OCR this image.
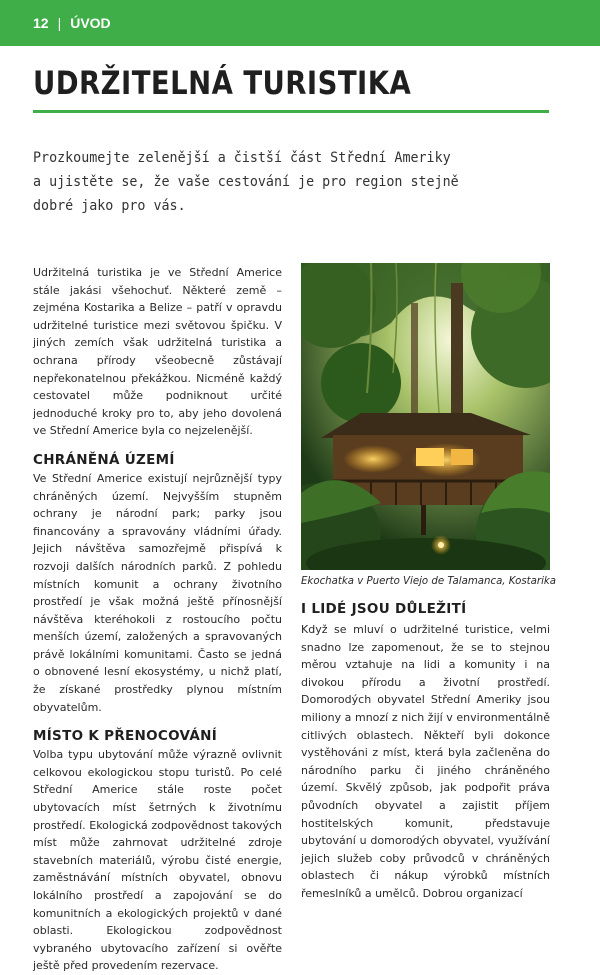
12 | ÚVOD
UDRŽITELNÁ TURISTIKA
Prozkoumejte zelenější a čistší část Střední Ameriky a ujistěte se, že vaše cestování je pro region stejně dobré jako pro vás.

Udržitelná turistika je ve Střední Americe stále jakási všehochuť. Některé země – zejména Kostarika a Belize – patří v opravdu udržitelné turistice mezi světovou špičku. V jiných zemích však udržitelná turistika a ochrana přírody všeobecně zůstávají nepřekonatelnou překážkou. Nicméně každý cestovatel může podniknout určité jednoduché kroky pro to, aby jeho dovolená ve Střední Americe byla co nejzelenější.

CHRÁNĚNÁ ÚZEMÍ

Ve Střední Americe existují nejrůznější typy chráněných území. Nejvyšším stupněm ochrany je národní park; parky jsou financovány a spravovány vládními úřady. Jejich návštěva samozřejmě přispívá k rozvoji dalších národních parků. Z pohledu místních komunit a ochrany životního prostředí je však možná ještě přínosnější návštěva kteréhokoli z rostoucího počtu menších území, založených a spravovaných právě lokálními komunitami. Často se jedná o obnovené lesní ekosystémy, u nichž platí, že získané prostředky plynou místním obyvatelům.

MÍSTO K PŘENOCOVÁNÍ

Volba typu ubytování může výrazně ovlivnit celkovou ekologickou stopu turistů. Po celé Střední Americe stále roste počet ubytovacích míst šetrných k životnímu prostředí. Ekologická zodpovědnost takových míst může zahrnovat udržitelné zdroje stavebních materiálů, výrobu čisté energie, zaměstnávání místních obyvatel, obnovu lokálního prostředí a zapojování se do komunitních a ekologických projektů v dané oblasti. Ekologickou zodpovědnost vybraného ubytovacího zařízení si ověřte ještě před provedením rezervace.

Ekochatka v Puerto Viejo de Talamanca, Kostarika
I LIDÉ JSOU DŮLEŽITÍ

Když se mluví o udržitelné turistice, velmi snadno lze zapomenout, že se to stejnou měrou vztahuje na lidi a komunity i na divokou přírodu a životní prostředí. Domorodých obyvatel Střední Ameriky jsou miliony a mnozí z nich žijí v environmentálně citlivých oblastech. Někteří byli dokonce vystěhováni z míst, která byla začleněna do národního parku či jiného chráněného území. Skvělý způsob, jak podpořit práva původních obyvatel a zajistit příjem hostitelských komunit, představuje ubytování u domorodých obyvatel, využívání jejich služeb coby průvodců v chráněných oblastech či nákup výrobků místních řemeslníků a umělců. Dobrou organizací
